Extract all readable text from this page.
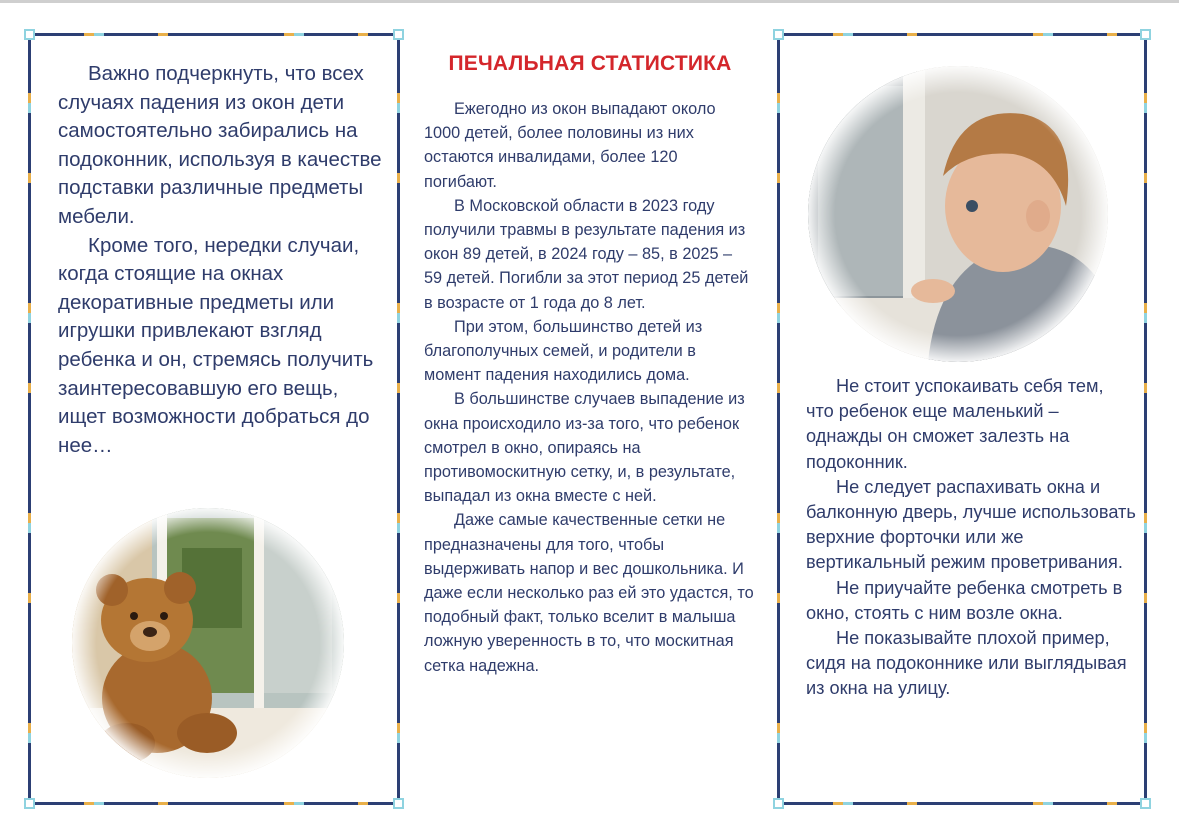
Важно подчеркнуть, что всех случаях падения из окон дети самостоятельно забирались на подоконник, используя в качестве подставки различные предметы мебели.

Кроме того, нередки случаи, когда стоящие на окнах декоративные предметы или игрушки привлекают взгляд ребенка и он, стремясь получить заинтересовавшую его вещь, ищет возможности добраться до нее…

ПЕЧАЛЬНАЯ СТАТИСТИКА

Ежегодно из окон выпадают около 1000 детей, более половины из них остаются инвалидами, более 120 погибают.

В Московской области в 2023 году получили травмы в результате падения из окон 89 детей, в 2024 году – 85, в 2025 – 59 детей. Погибли за этот период 25 детей в возрасте от 1 года до 8 лет.

При этом, большинство детей из благополучных семей, и родители в момент падения находились дома.

В большинстве случаев выпадение из окна происходило из-за того, что ребенок смотрел в окно, опираясь на противомоскитную сетку, и, в результате, выпадал из окна вместе с ней.

Даже самые качественные сетки не предназначены для того, чтобы выдерживать напор и вес дошкольника. И даже если несколько раз ей это удастся, то подобный факт, только вселит в малыша ложную уверенность в то, что москитная сетка надежна.

Не стоит успокаивать себя тем, что ребенок еще маленький – однажды он сможет залезть на подоконник.

Не следует распахивать окна и балконную дверь, лучше использовать верхние форточки или же вертикальный режим проветривания.

Не приучайте ребенка смотреть в окно, стоять с ним возле окна.

Не показывайте плохой пример, сидя на подоконнике или выглядывая из окна на улицу.
